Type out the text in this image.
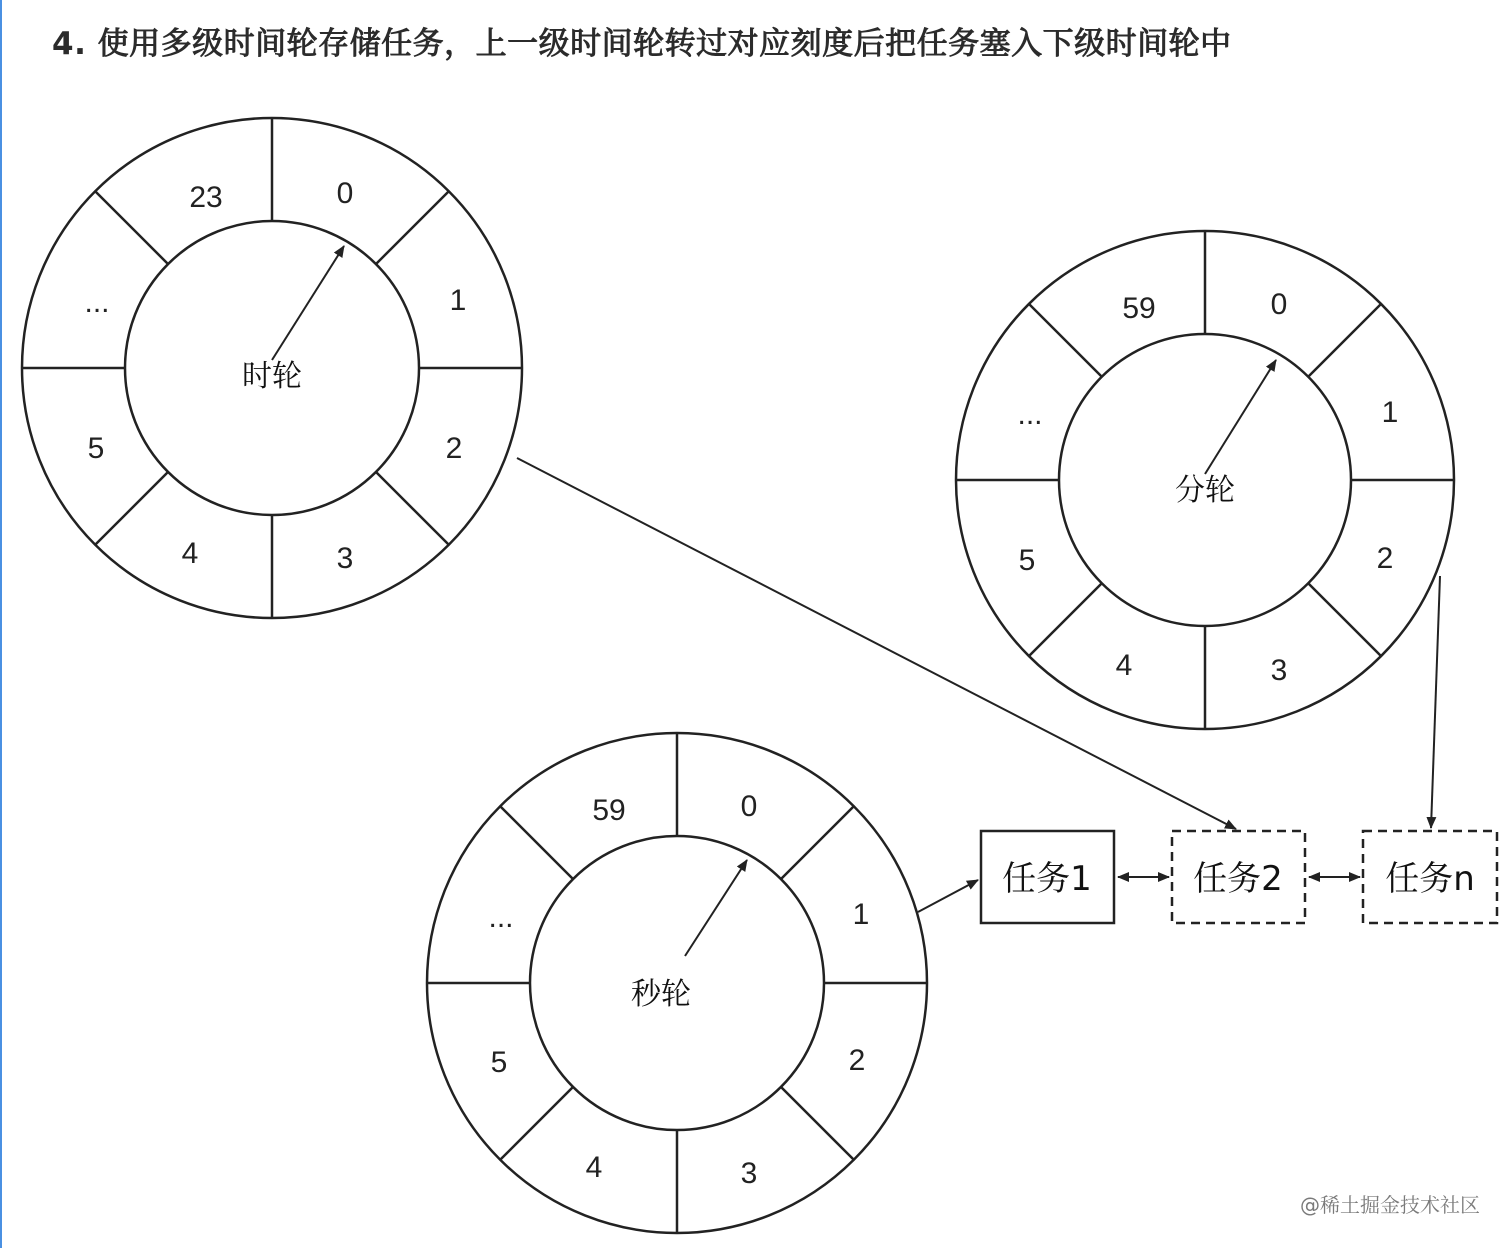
4. 使用多级时间轮存储任务，上一级时间轮转过对应刻度后把任务塞入下级时间轮中
0
1
2
3
4
5
...
23
时轮
0
1
2
3
4
5
...
59
分轮
0
1
2
3
4
5
...
59
秒轮
任务1	任务2	任务n
@稀土掘金技术社区
